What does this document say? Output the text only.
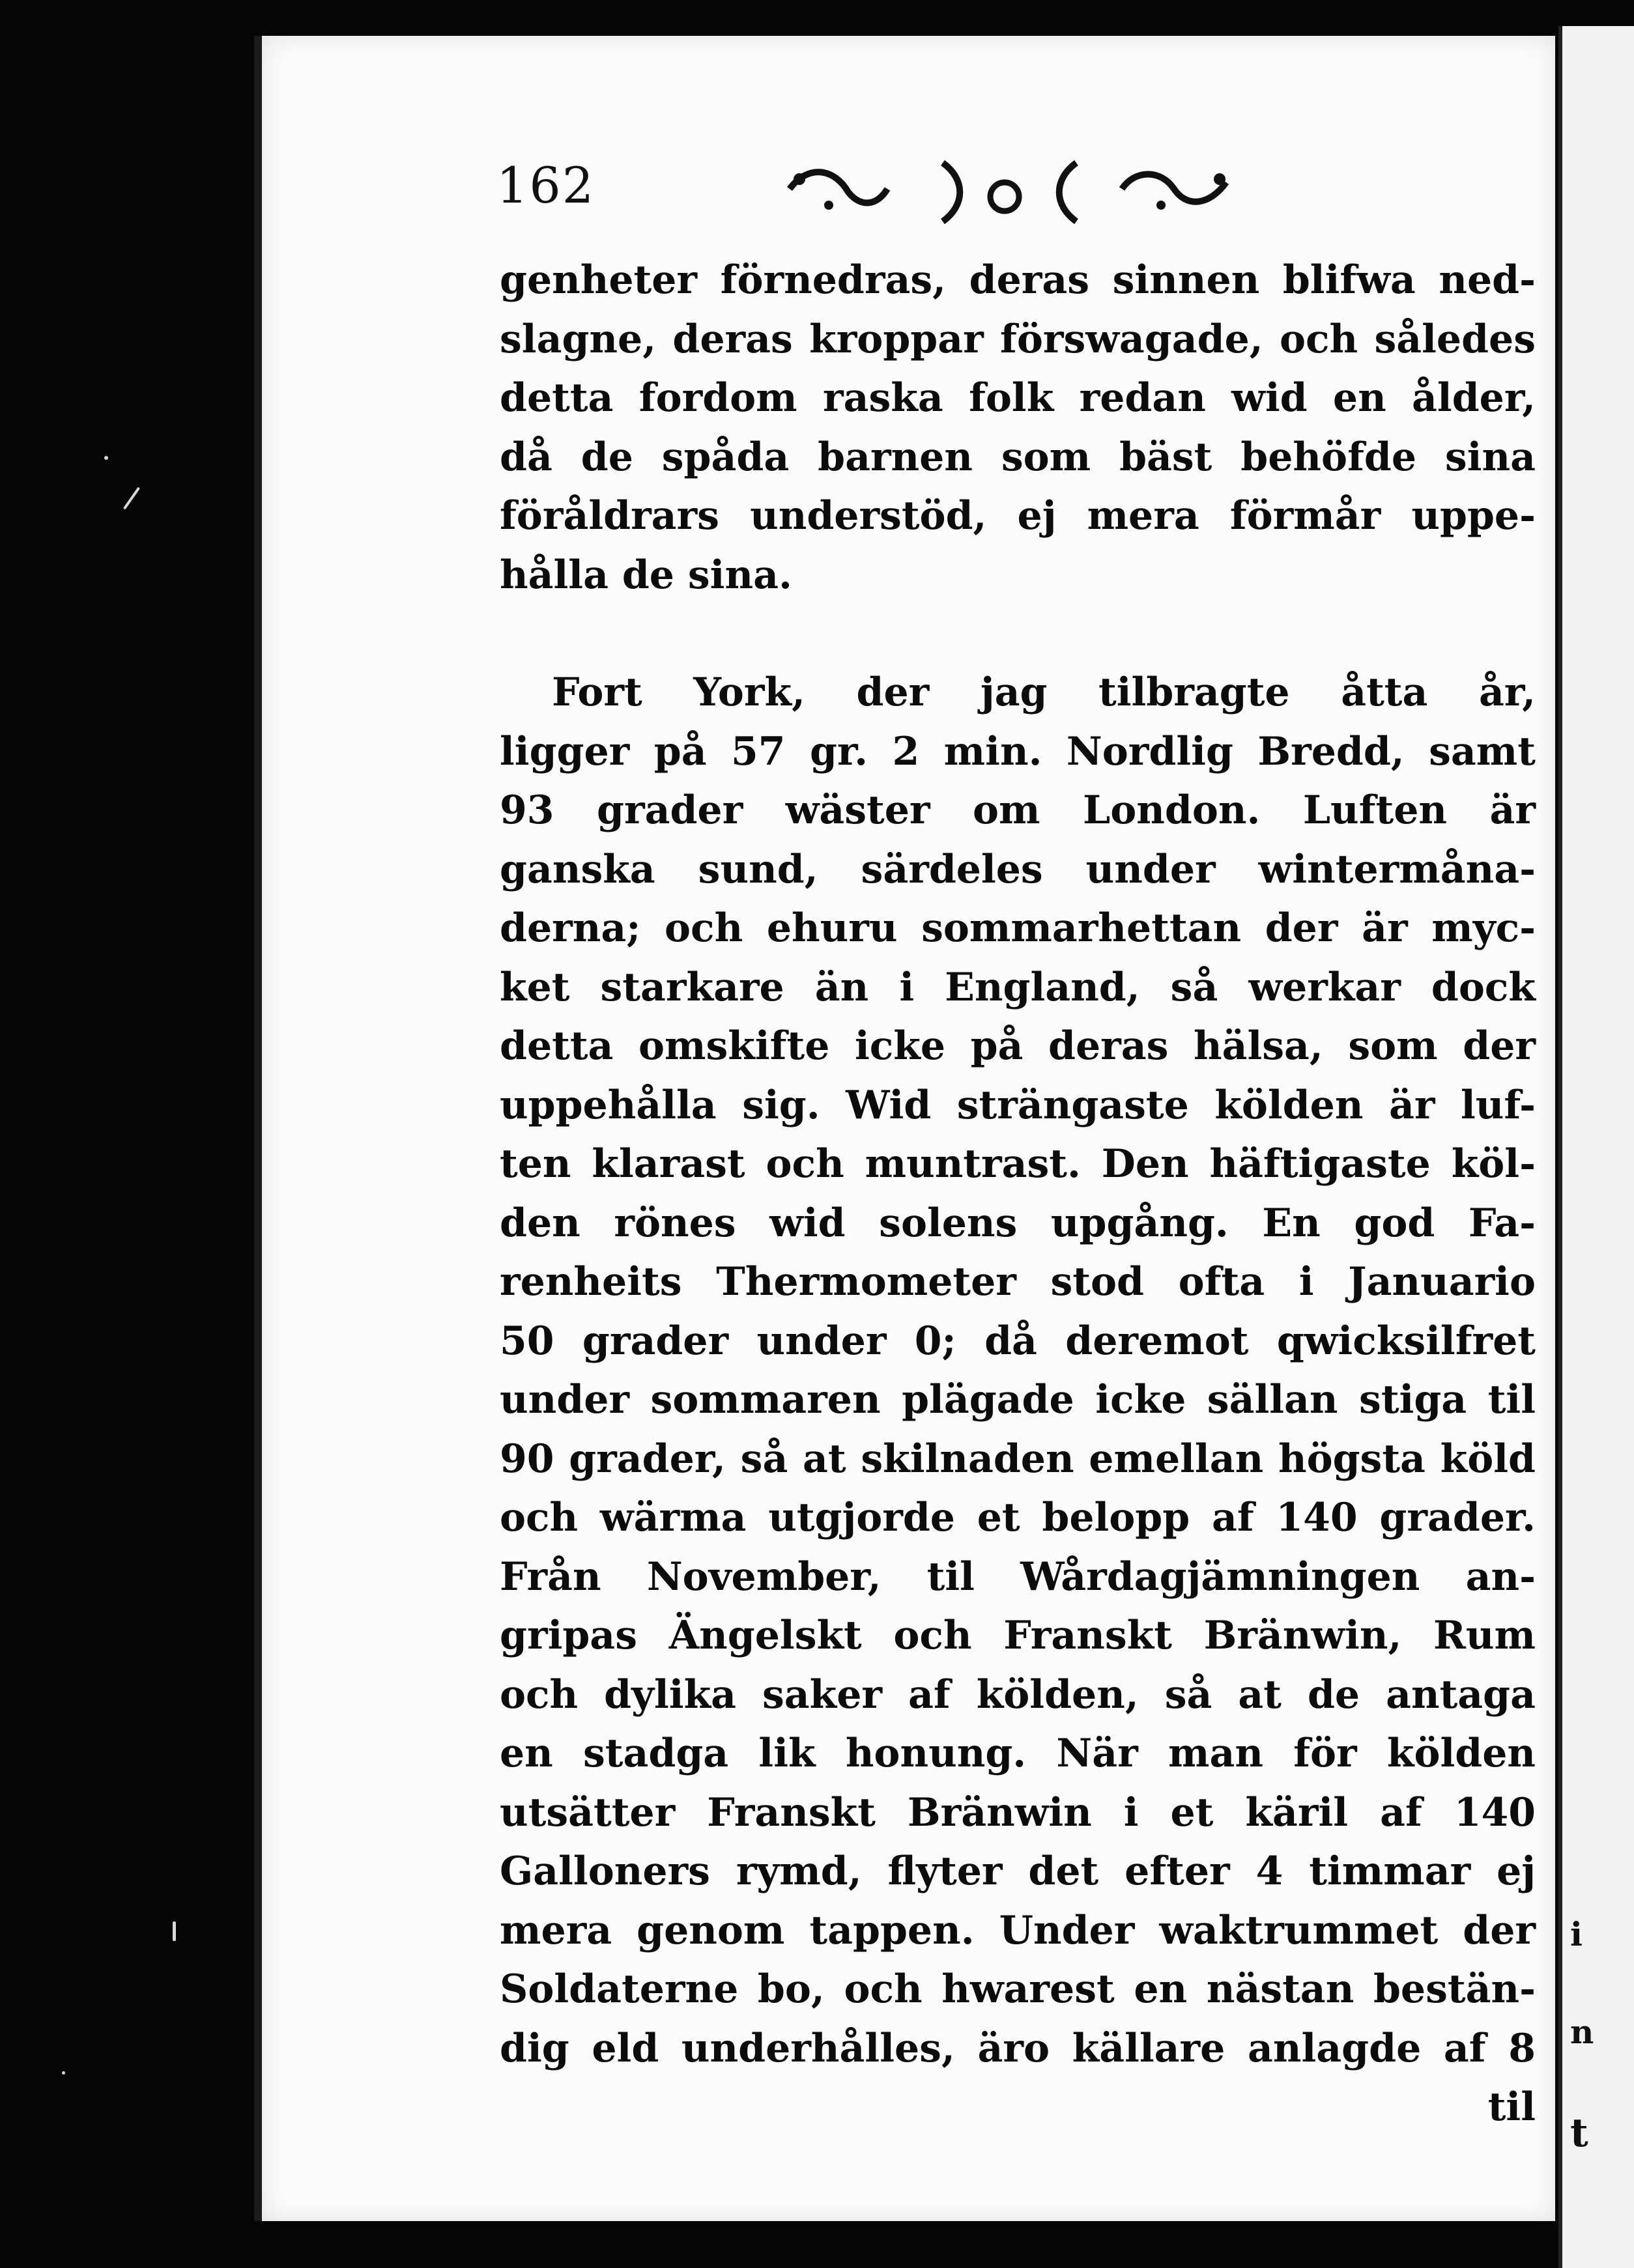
t
i
n
162
genheter förnedras, deras sinnen blifwa ned-
slagne, deras kroppar förswagade, och således
detta fordom raska folk redan wid en ålder,
då de spåda barnen som bäst behöfde sina
föråldrars understöd, ej mera förmår uppe-
hålla de sina.
Fort York, der jag tilbragte åtta år,
ligger på 57 gr. 2 min. Nordlig Bredd, samt
93 grader wäster om London. Luften är
ganska sund, särdeles under wintermåna-
derna; och ehuru sommarhettan der är myc-
ket starkare än i England, så werkar dock
detta omskifte icke på deras hälsa, som der
uppehålla sig. Wid strängaste kölden är luf-
ten klarast och muntrast. Den häftigaste köl-
den rönes wid solens upgång. En god Fa-
renheits Thermometer stod ofta i Januario
50 grader under 0; då deremot qwicksilfret
under sommaren plägade icke sällan stiga til
90 grader, så at skilnaden emellan högsta köld
och wärma utgjorde et belopp af 140 grader.
Från November, til Wårdagjämningen an-
gripas Ängelskt och Franskt Bränwin, Rum
och dylika saker af kölden, så at de antaga
en stadga lik honung. När man för kölden
utsätter Franskt Bränwin i et käril af 140
Galloners rymd, flyter det efter 4 timmar ej
mera genom tappen. Under waktrummet der
Soldaterne bo, och hwarest en nästan bestän-
dig eld underhålles, äro källare anlagde af 8
til
